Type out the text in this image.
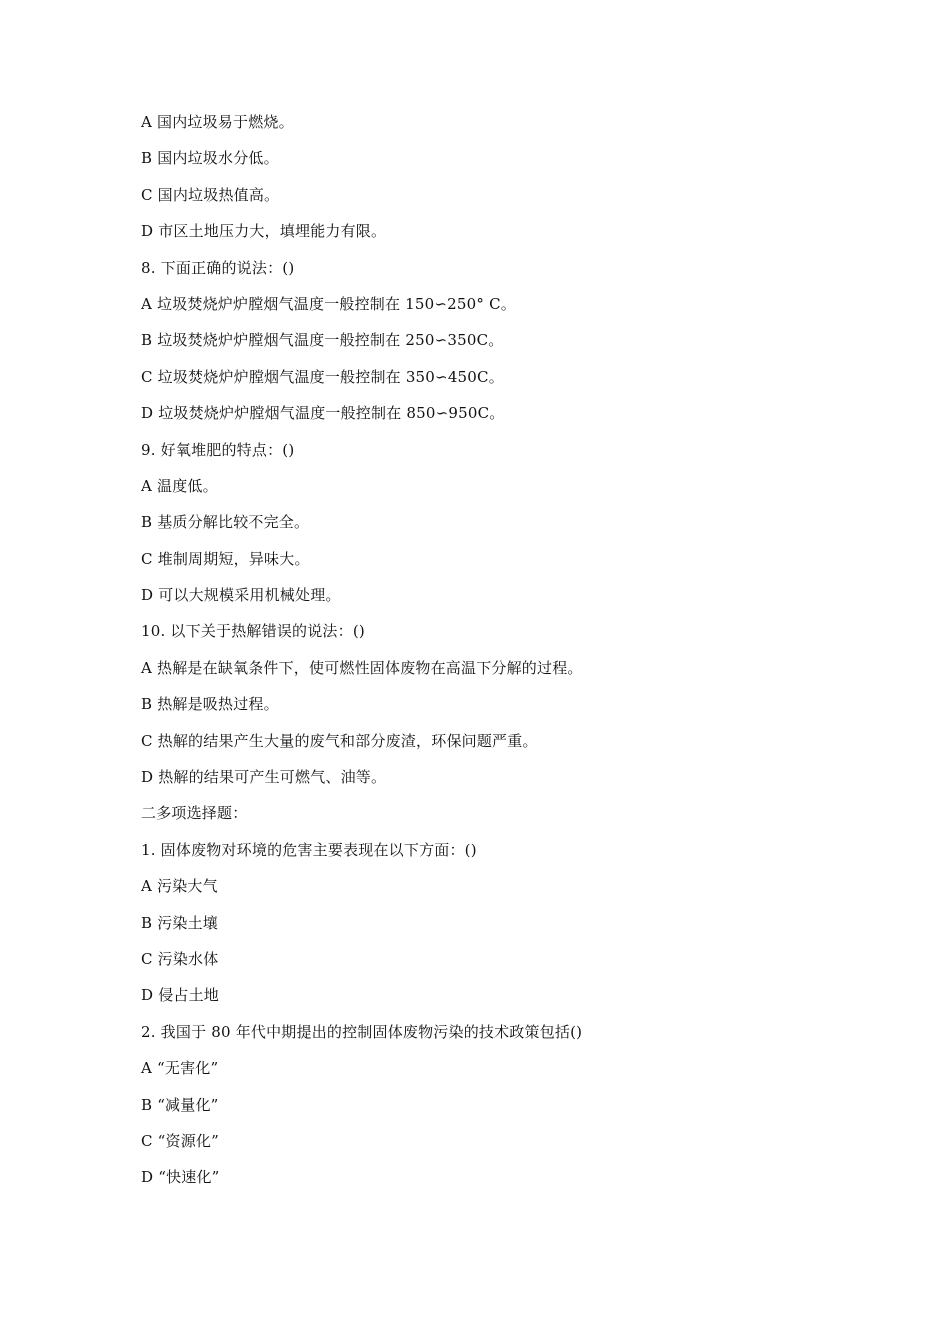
A 国内垃圾易于燃烧。
B 国内垃圾水分低。
C 国内垃圾热值高。
D 市区土地压力大，填埋能力有限。
8. 下面正确的说法：()
A 垃圾焚烧炉炉膛烟气温度一般控制在 150∽250° C。
B 垃圾焚烧炉炉膛烟气温度一般控制在 250∽350C。
C 垃圾焚烧炉炉膛烟气温度一般控制在 350∽450C。
D 垃圾焚烧炉炉膛烟气温度一般控制在 850∽950C。
9. 好氧堆肥的特点：()
A 温度低。
B 基质分解比较不完全。
C 堆制周期短，异味大。
D 可以大规模采用机械处理。
10. 以下关于热解错误的说法：()
A 热解是在缺氧条件下，使可燃性固体废物在高温下分解的过程。
B 热解是吸热过程。
C 热解的结果产生大量的废气和部分废渣，环保问题严重。
D 热解的结果可产生可燃气、油等。
二多项选择题：
1. 固体废物对环境的危害主要表现在以下方面：()
A 污染大气
B 污染土壤
C 污染水体
D 侵占土地
2. 我国于 80 年代中期提出的控制固体废物污染的技术政策包括()
A “无害化”
B “减量化”
C “资源化”
D “快速化”
